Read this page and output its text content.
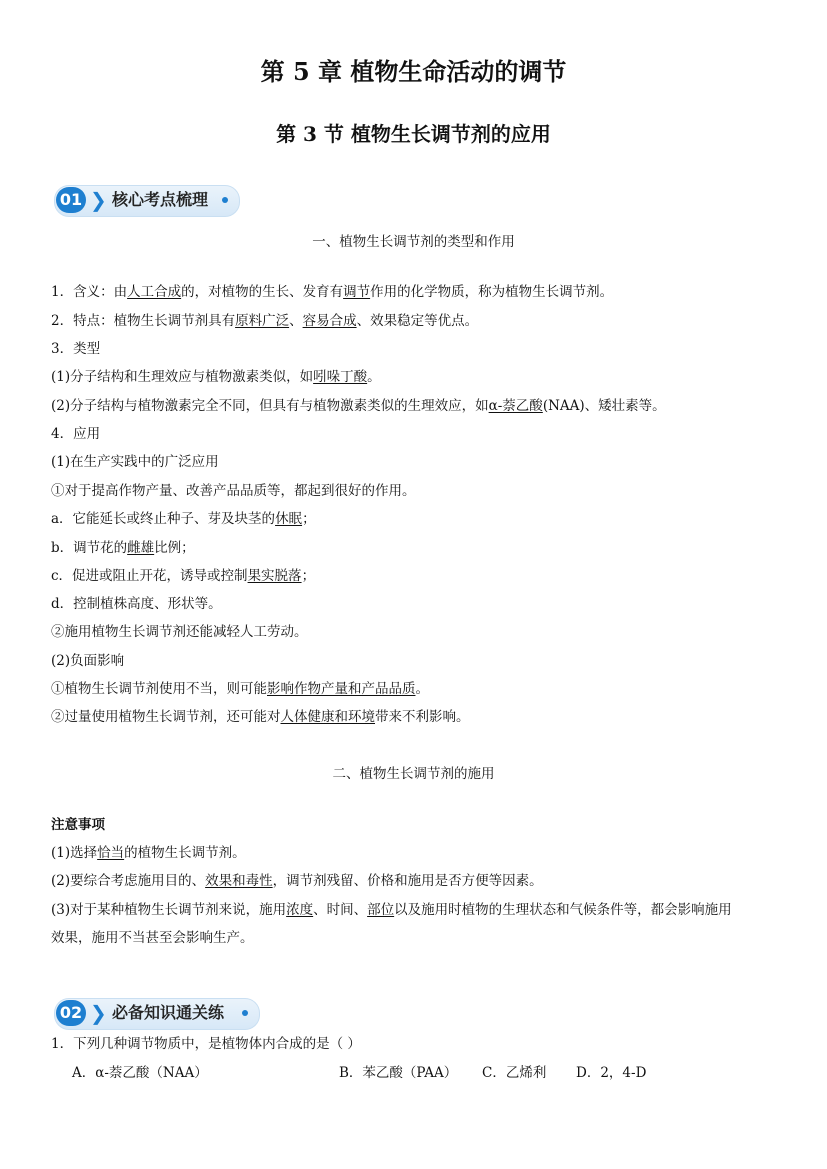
第 5 章 植物生命活动的调节
第 3 节 植物生长调节剂的应用
01 ❯ 核心考点梳理
一、植物生长调节剂的类型和作用
1．含义：由人工合成的，对植物的生长、发育有调节作用的化学物质，称为植物生长调节剂。
2．特点：植物生长调节剂具有原料广泛、容易合成、效果稳定等优点。
3．类型
(1)分子结构和生理效应与植物激素类似，如吲哚丁酸。
(2)分子结构与植物激素完全不同，但具有与植物激素类似的生理效应，如α-萘乙酸(NAA)、矮壮素等。
4．应用
(1)在生产实践中的广泛应用
①对于提高作物产量、改善产品品质等，都起到很好的作用。
a．它能延长或终止种子、芽及块茎的休眠；
b．调节花的雌雄比例；
c．促进或阻止开花，诱导或控制果实脱落；
d．控制植株高度、形状等。
②施用植物生长调节剂还能减轻人工劳动。
(2)负面影响
①植物生长调节剂使用不当，则可能影响作物产量和产品品质。
②过量使用植物生长调节剂，还可能对人体健康和环境带来不利影响。
二、植物生长调节剂的施用
注意事项
(1)选择恰当的植物生长调节剂。
(2)要综合考虑施用目的、效果和毒性，调节剂残留、价格和施用是否方便等因素。
(3)对于某种植物生长调节剂来说，施用浓度、时间、部位以及施用时植物的生理状态和气候条件等，都会影响施用
效果，施用不当甚至会影响生产。
02 ❯ 必备知识通关练
1．下列几种调节物质中，是植物体内合成的是（ ）
A．α-萘乙酸（NAA）	B．苯乙酸（PAA） C．乙烯利 D．2，4-D
